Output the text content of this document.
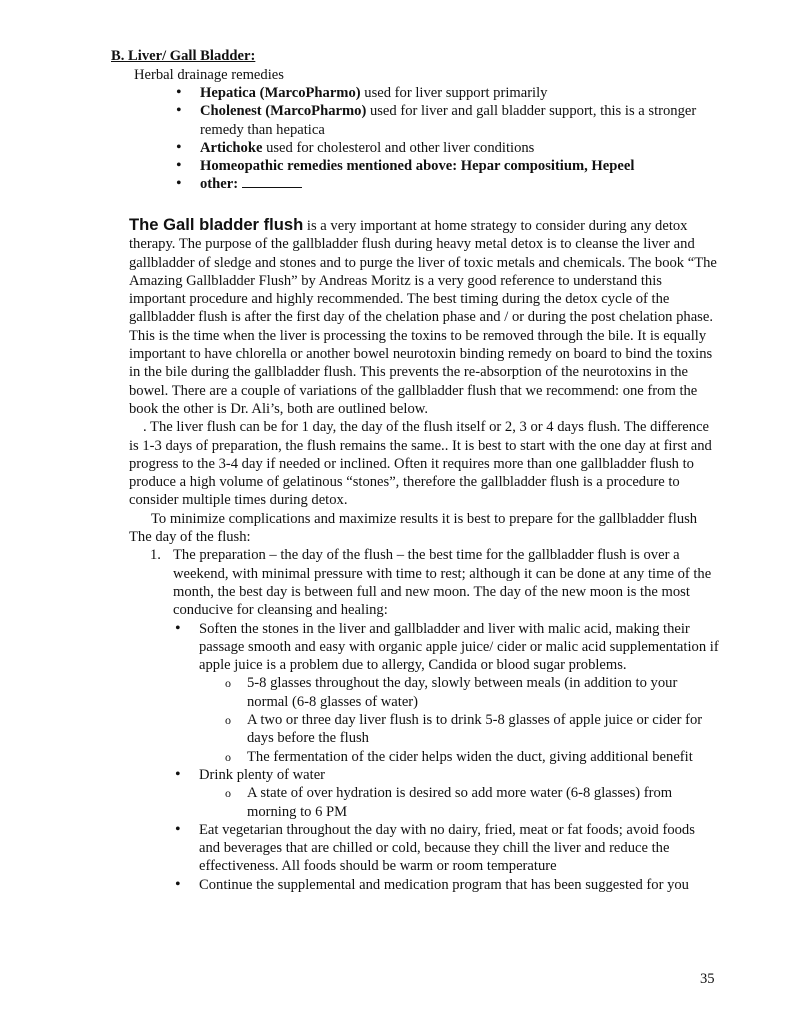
B. Liver/ Gall Bladder:
Herbal drainage remedies
• Hepatica (MarcoPharmo) used for liver support primarily
• Cholenest (MarcoPharmo) used for liver and gall bladder support, this is a stronger remedy than hepatica
• Artichoke used for cholesterol and other liver conditions
• Homeopathic remedies mentioned above: Hepar compositium, Hepeel
• other:

The Gall bladder flush is a very important at home strategy to consider during any detox therapy. The purpose of the gallbladder flush during heavy metal detox is to cleanse the liver and gallbladder of sledge and stones and to purge the liver of toxic metals and chemicals. The book “The Amazing Gallbladder Flush” by Andreas Moritz is a very good reference to understand this important procedure and highly recommended. The best timing during the detox cycle of the gallbladder flush is after the first day of the chelation phase and / or during the post chelation phase. This is the time when the liver is processing the toxins to be removed through the bile. It is equally important to have chlorella or another bowel neurotoxin binding remedy on board to bind the toxins in the bile during the gallbladder flush. This prevents the re-absorption of the neurotoxins in the bowel. There are a couple of variations of the gallbladder flush that we recommend: one from the book the other is Dr. Ali’s, both are outlined below.

. The liver flush can be for 1 day, the day of the flush itself or 2, 3 or 4 days flush. The difference is 1-3 days of preparation, the flush remains the same.. It is best to start with the one day at first and progress to the 3-4 day if needed or inclined. Often it requires more than one gallbladder flush to produce a high volume of gelatinous “stones”, therefore the gallbladder flush is a procedure to consider multiple times during detox.

To minimize complications and maximize results it is best to prepare for the gallbladder flush The day of the flush:

1. The preparation – the day of the flush – the best time for the gallbladder flush is over a weekend, with minimal pressure with time to rest; although it can be done at any time of the month, the best day is between full and new moon. The day of the new moon is the most conducive for cleansing and healing:
• Soften the stones in the liver and gallbladder and liver with malic acid, making their passage smooth and easy with organic apple juice/ cider or malic acid supplementation if apple juice is a problem due to allergy, Candida or blood sugar problems.
o 5-8 glasses throughout the day, slowly between meals (in addition to your normal (6-8 glasses of water)
o A two or three day liver flush is to drink 5-8 glasses of apple juice or cider for days before the flush
o The fermentation of the cider helps widen the duct, giving additional benefit
• Drink plenty of water
o A state of over hydration is desired so add more water (6-8 glasses) from morning to 6 PM
• Eat vegetarian throughout the day with no dairy, fried, meat or fat foods; avoid foods and beverages that are chilled or cold, because they chill the liver and reduce the effectiveness. All foods should be warm or room temperature
• Continue the supplemental and medication program that has been suggested for you
35
